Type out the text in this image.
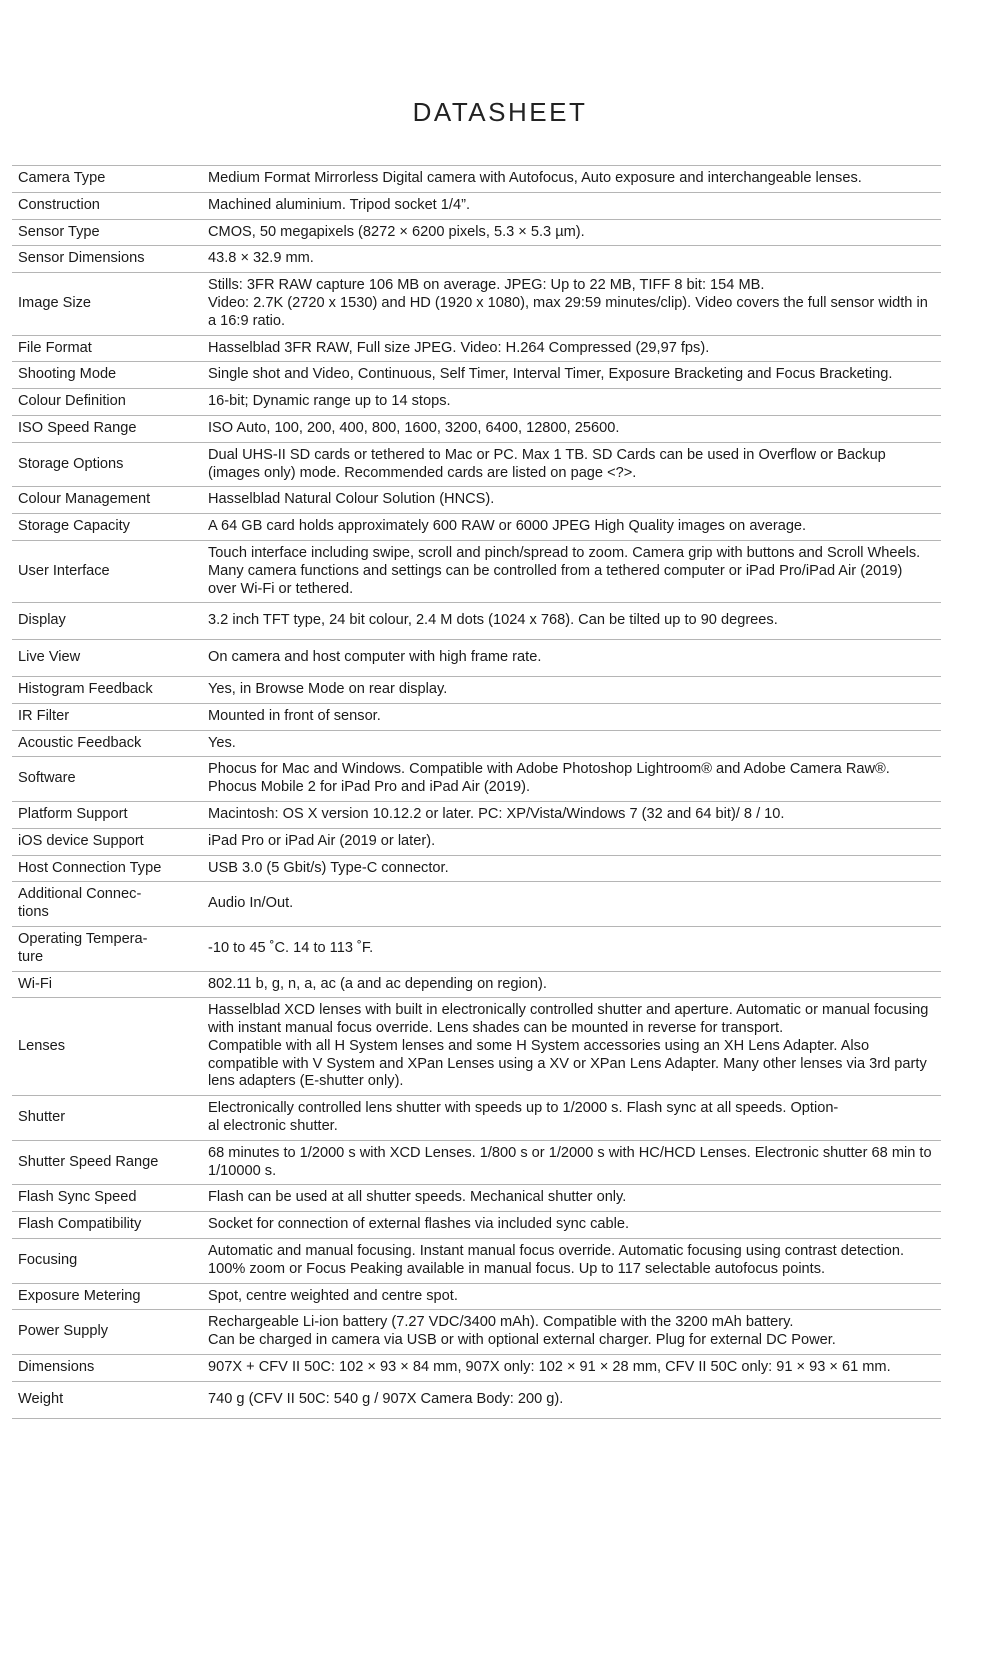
DATASHEET
Camera Type	Medium Format Mirrorless Digital camera with Autofocus, Auto exposure and interchangeable lenses.
Construction	Machined aluminium. Tripod socket 1/4”.
Sensor Type	CMOS, 50 megapixels (8272 × 6200 pixels, 5.3 × 5.3 µm).
Sensor Dimensions	43.8 × 32.9 mm.
Image Size	Stills: 3FR RAW capture 106 MB on average. JPEG: Up to 22 MB, TIFF 8 bit: 154 MB.
Video: 2.7K (2720 x 1530) and HD (1920 x 1080), max 29:59 minutes/clip). Video covers the full sensor width in a 16:9 ratio.
File Format	Hasselblad 3FR RAW, Full size JPEG. Video: H.264 Compressed (29,97 fps).
Shooting Mode	Single shot and Video, Continuous, Self Timer, Interval Timer, Exposure Bracketing and Focus Bracketing.
Colour Definition	16-bit; Dynamic range up to 14 stops.
ISO Speed Range	ISO Auto, 100, 200, 400, 800, 1600, 3200, 6400, 12800, 25600.
Storage Options	Dual UHS-II SD cards or tethered to Mac or PC. Max 1 TB. SD Cards can be used in Overflow or Backup (images only) mode. Recommended cards are listed on page <?>.
Colour Management	Hasselblad Natural Colour Solution (HNCS).
Storage Capacity	A 64 GB card holds approximately 600 RAW or 6000 JPEG High Quality images on average.
User Interface	Touch interface including swipe, scroll and pinch/spread to zoom. Camera grip with buttons and Scroll Wheels. Many camera functions and settings can be controlled from a tethered computer or iPad Pro/iPad Air (2019) over Wi-Fi or tethered.
Display	3.2 inch TFT type, 24 bit colour, 2.4 M dots (1024 x 768). Can be tilted up to 90 degrees.
Live View	On camera and host computer with high frame rate.
Histogram Feedback	Yes, in Browse Mode on rear display.
IR Filter	Mounted in front of sensor.
Acoustic Feedback	Yes.
Software	Phocus for Mac and Windows. Compatible with Adobe Photoshop Lightroom® and Adobe Camera Raw®.
Phocus Mobile 2 for iPad Pro and iPad Air (2019).
Platform Support	Macintosh: OS X version 10.12.2 or later. PC: XP/Vista/Windows 7 (32 and 64 bit)/ 8 / 10.
iOS device Support	iPad Pro or iPad Air (2019 or later).
Host Connection Type	USB 3.0 (5 Gbit/s) Type-C connector.
Additional Connec-
tions	Audio In/Out.
Operating Tempera-
ture	-10 to 45 ˚C. 14 to 113 ˚F.
Wi-Fi	802.11 b, g, n, a, ac (a and ac depending on region).
Lenses	Hasselblad XCD lenses with built in electronically controlled shutter and aperture. Automatic or manual focusing with instant manual focus override. Lens shades can be mounted in reverse for transport.
Compatible with all H System lenses and some H System accessories using an XH Lens Adapter. Also compatible with V System and XPan Lenses using a XV or XPan Lens Adapter. Many other lenses via 3rd party lens adapters (E-shutter only).
Shutter	Electronically controlled lens shutter with speeds up to 1/2000 s. Flash sync at all speeds. Option-
al electronic shutter.
Shutter Speed Range	68 minutes to 1/2000 s with XCD Lenses. 1/800 s or 1/2000 s with HC/HCD Lenses. Electronic shutter 68 min to 1/10000 s.
Flash Sync Speed	Flash can be used at all shutter speeds. Mechanical shutter only.
Flash Compatibility	Socket for connection of external flashes via included sync cable.
Focusing	Automatic and manual focusing. Instant manual focus override. Automatic focusing using contrast detection. 100% zoom or Focus Peaking available in manual focus. Up to 117 selectable autofocus points.
Exposure Metering	Spot, centre weighted and centre spot.
Power Supply	Rechargeable Li-ion battery (7.27 VDC/3400 mAh). Compatible with the 3200 mAh battery.
Can be charged in camera via USB or with optional external charger. Plug for external DC Power.
Dimensions	907X + CFV II 50C: 102 × 93 × 84 mm, 907X only: 102 × 91 × 28 mm, CFV II 50C only: 91 × 93 × 61 mm.
Weight	740 g (CFV II 50C: 540 g / 907X Camera Body: 200 g).
